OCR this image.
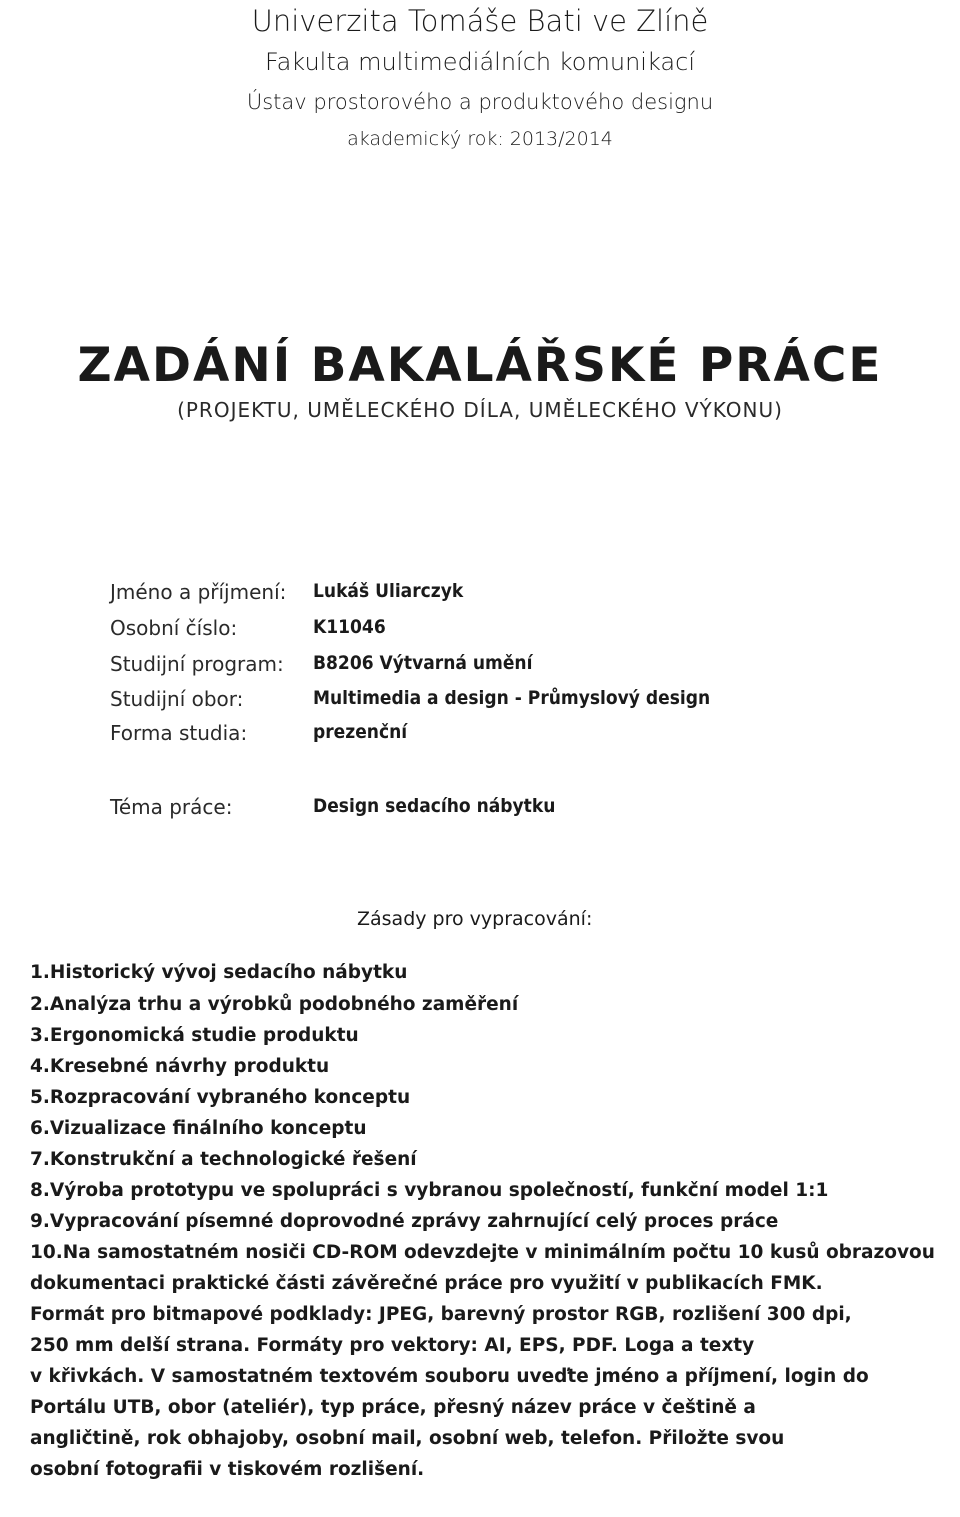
Univerzita Tomáše Bati ve Zlíně
Fakulta multimediálních komunikací
Ústav prostorového a produktového designu
akademický rok: 2013/2014
ZADÁNÍ BAKALÁŘSKÉ PRÁCE
(PROJEKTU, UMĚLECKÉHO DÍLA, UMĚLECKÉHO VÝKONU)
Jméno a příjmení: Lukáš Uliarczyk
Osobní číslo:	K11046
Studijní program: B8206 Výtvarná umění
Studijní obor:	Multimedia a design - Průmyslový design
Forma studia:	prezenční
Téma práce:	Design sedacího nábytku
Zásady pro vypracování:
1.Historický vývoj sedacího nábytku
2.Analýza trhu a výrobků podobného zaměření
3.Ergonomická studie produktu
4.Kresebné návrhy produktu
5.Rozpracování vybraného konceptu
6.Vizualizace finálního konceptu
7.Konstrukční a technologické řešení
8.Výroba prototypu ve spolupráci s vybranou společností, funkční model 1:1
9.Vypracování písemné doprovodné zprávy zahrnující celý proces práce
10.Na samostatném nosiči CD-ROM odevzdejte v minimálním počtu 10 kusů obrazovou
dokumentaci praktické části závěrečné práce pro využití v publikacích FMK.
Formát pro bitmapové podklady: JPEG, barevný prostor RGB, rozlišení 300 dpi,
250 mm delší strana. Formáty pro vektory: AI, EPS, PDF. Loga a texty
v křivkách. V samostatném textovém souboru uveďte jméno a příjmení, login do
Portálu UTB, obor (ateliér), typ práce, přesný název práce v češtině a
angličtině, rok obhajoby, osobní mail, osobní web, telefon. Přiložte svou
osobní fotografii v tiskovém rozlišení.
